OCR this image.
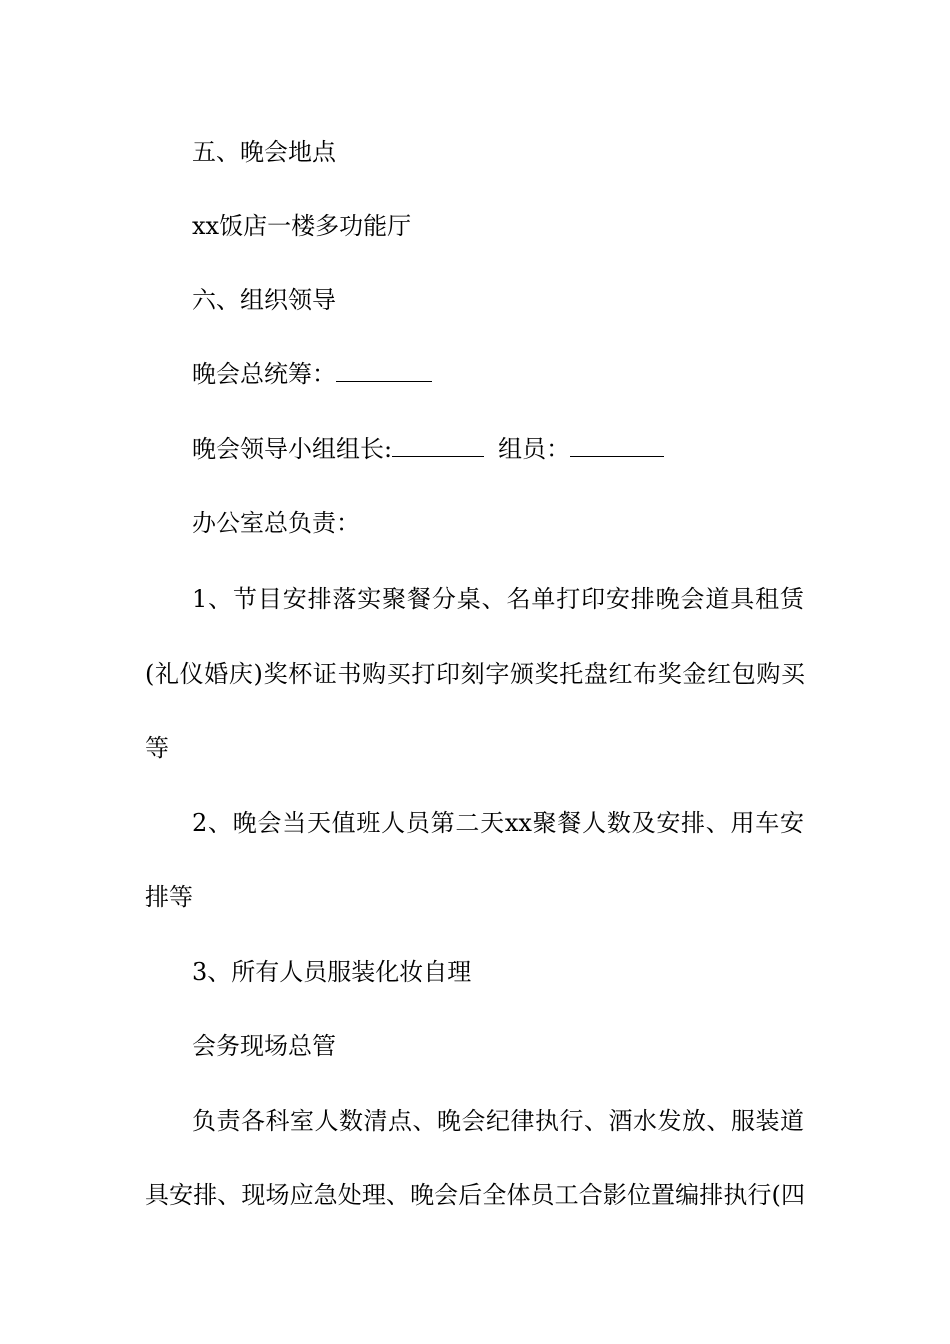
五、晚会地点
xx饭店一楼多功能厅
六、组织领导
晚会总统筹：
晚会领导小组组长:	组员：
办公室总负责：
1、节目安排落实聚餐分桌、名单打印安排晚会道具租赁
(礼仪婚庆)奖杯证书购买打印刻字颁奖托盘红布奖金红包购买
等
2、晚会当天值班人员第二天xx聚餐人数及安排、用车安
排等
3、所有人员服装化妆自理
会务现场总管
负责各科室人数清点、晚会纪律执行、酒水发放、服装道
具安排、现场应急处理、晚会后全体员工合影位置编排执行(四
